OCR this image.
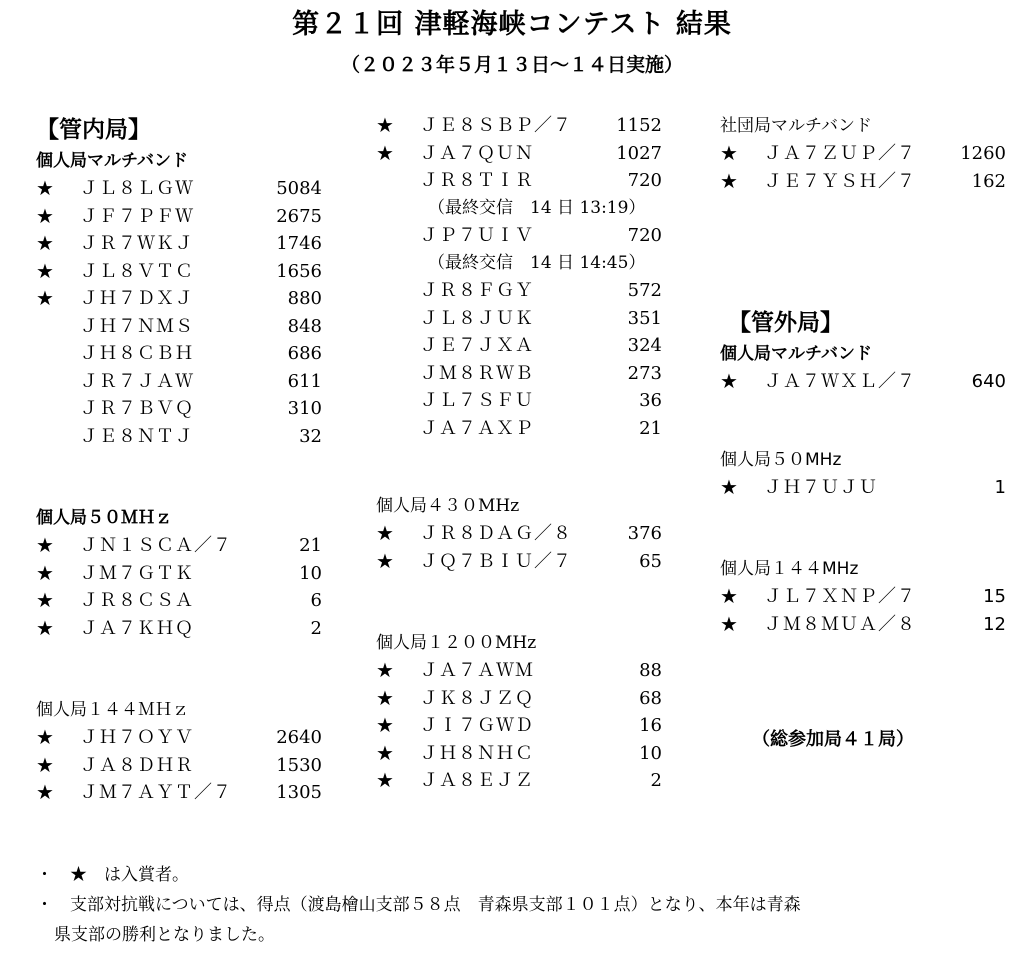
第２１回 津軽海峡コンテスト 結果
（２０２３年５月１３日～１４日実施）
【管内局】
個人局マルチバンド
★ ＪＬ８ＬＧＷ	5084
★ ＪＦ７ＰＦＷ	2675
★ ＪＲ７ＷＫＪ	1746
★ ＪＬ８ＶＴＣ	1656
★ ＪＨ７ＤＸＪ	880
ＪＨ７ＮＭＳ	848
ＪＨ８ＣＢＨ	686
ＪＲ７ＪＡＷ	611
ＪＲ７ＢＶＱ	310
ＪＥ８ＮＴＪ	32
個人局５０ＭＨｚ
★ ＪＮ１ＳＣＡ／７	21
★ ＪＭ７ＧＴＫ	10
★ ＪＲ８ＣＳＡ	6
★ ＪＡ７ＫＨＱ	2
個人局１４４ＭＨｚ
★ ＪＨ７ＯＹＶ	2640
★ ＪＡ８ＤＨＲ	1530
★ ＪＭ７ＡＹＴ／７	1305
★ ＪＥ８ＳＢＰ／７	1152
★ ＪＡ７ＱＵＮ	1027
ＪＲ８ＴＩＲ	720
（最終交信　14 日 13:19）
ＪＰ７ＵＩＶ	720
（最終交信　14 日 14:45）
ＪＲ８ＦＧＹ	572
ＪＬ８ＪＵＫ	351
ＪＥ７ＪＸＡ	324
ＪＭ８ＲＷＢ	273
ＪＬ７ＳＦＵ	36
ＪＡ７ＡＸＰ	21
個人局４３０MHz
★ ＪＲ８ＤＡＧ／８	376
★ ＪＱ７ＢＩＵ／７	65
個人局１２００MHz
★ ＪＡ７ＡＷＭ	88
★ ＪＫ８ＪＺＱ	68
★ ＪＩ７ＧＷＤ	16
★ ＪＨ８ＮＨＣ	10
★ ＪＡ８ＥＪＺ	2
社団局マルチバンド
★ ＪＡ７ＺＵＰ／７	1260
★ ＪＥ７ＹＳＨ／７	162
【管外局】
個人局マルチバンド
★ ＪＡ７ＷＸＬ／７	640
個人局５０MHz
★ ＪＨ７ＵＪＵ	1
個人局１４４MHz
★ ＪＬ７ＸＮＰ／７	15
★ ＪＭ８ＭＵＡ／８	12
（総参加局４１局）
・　★　は入賞者。
・　支部対抗戦については、得点（渡島檜山支部５８点　青森県支部１０１点）となり、本年は青森
県支部の勝利となりました。
